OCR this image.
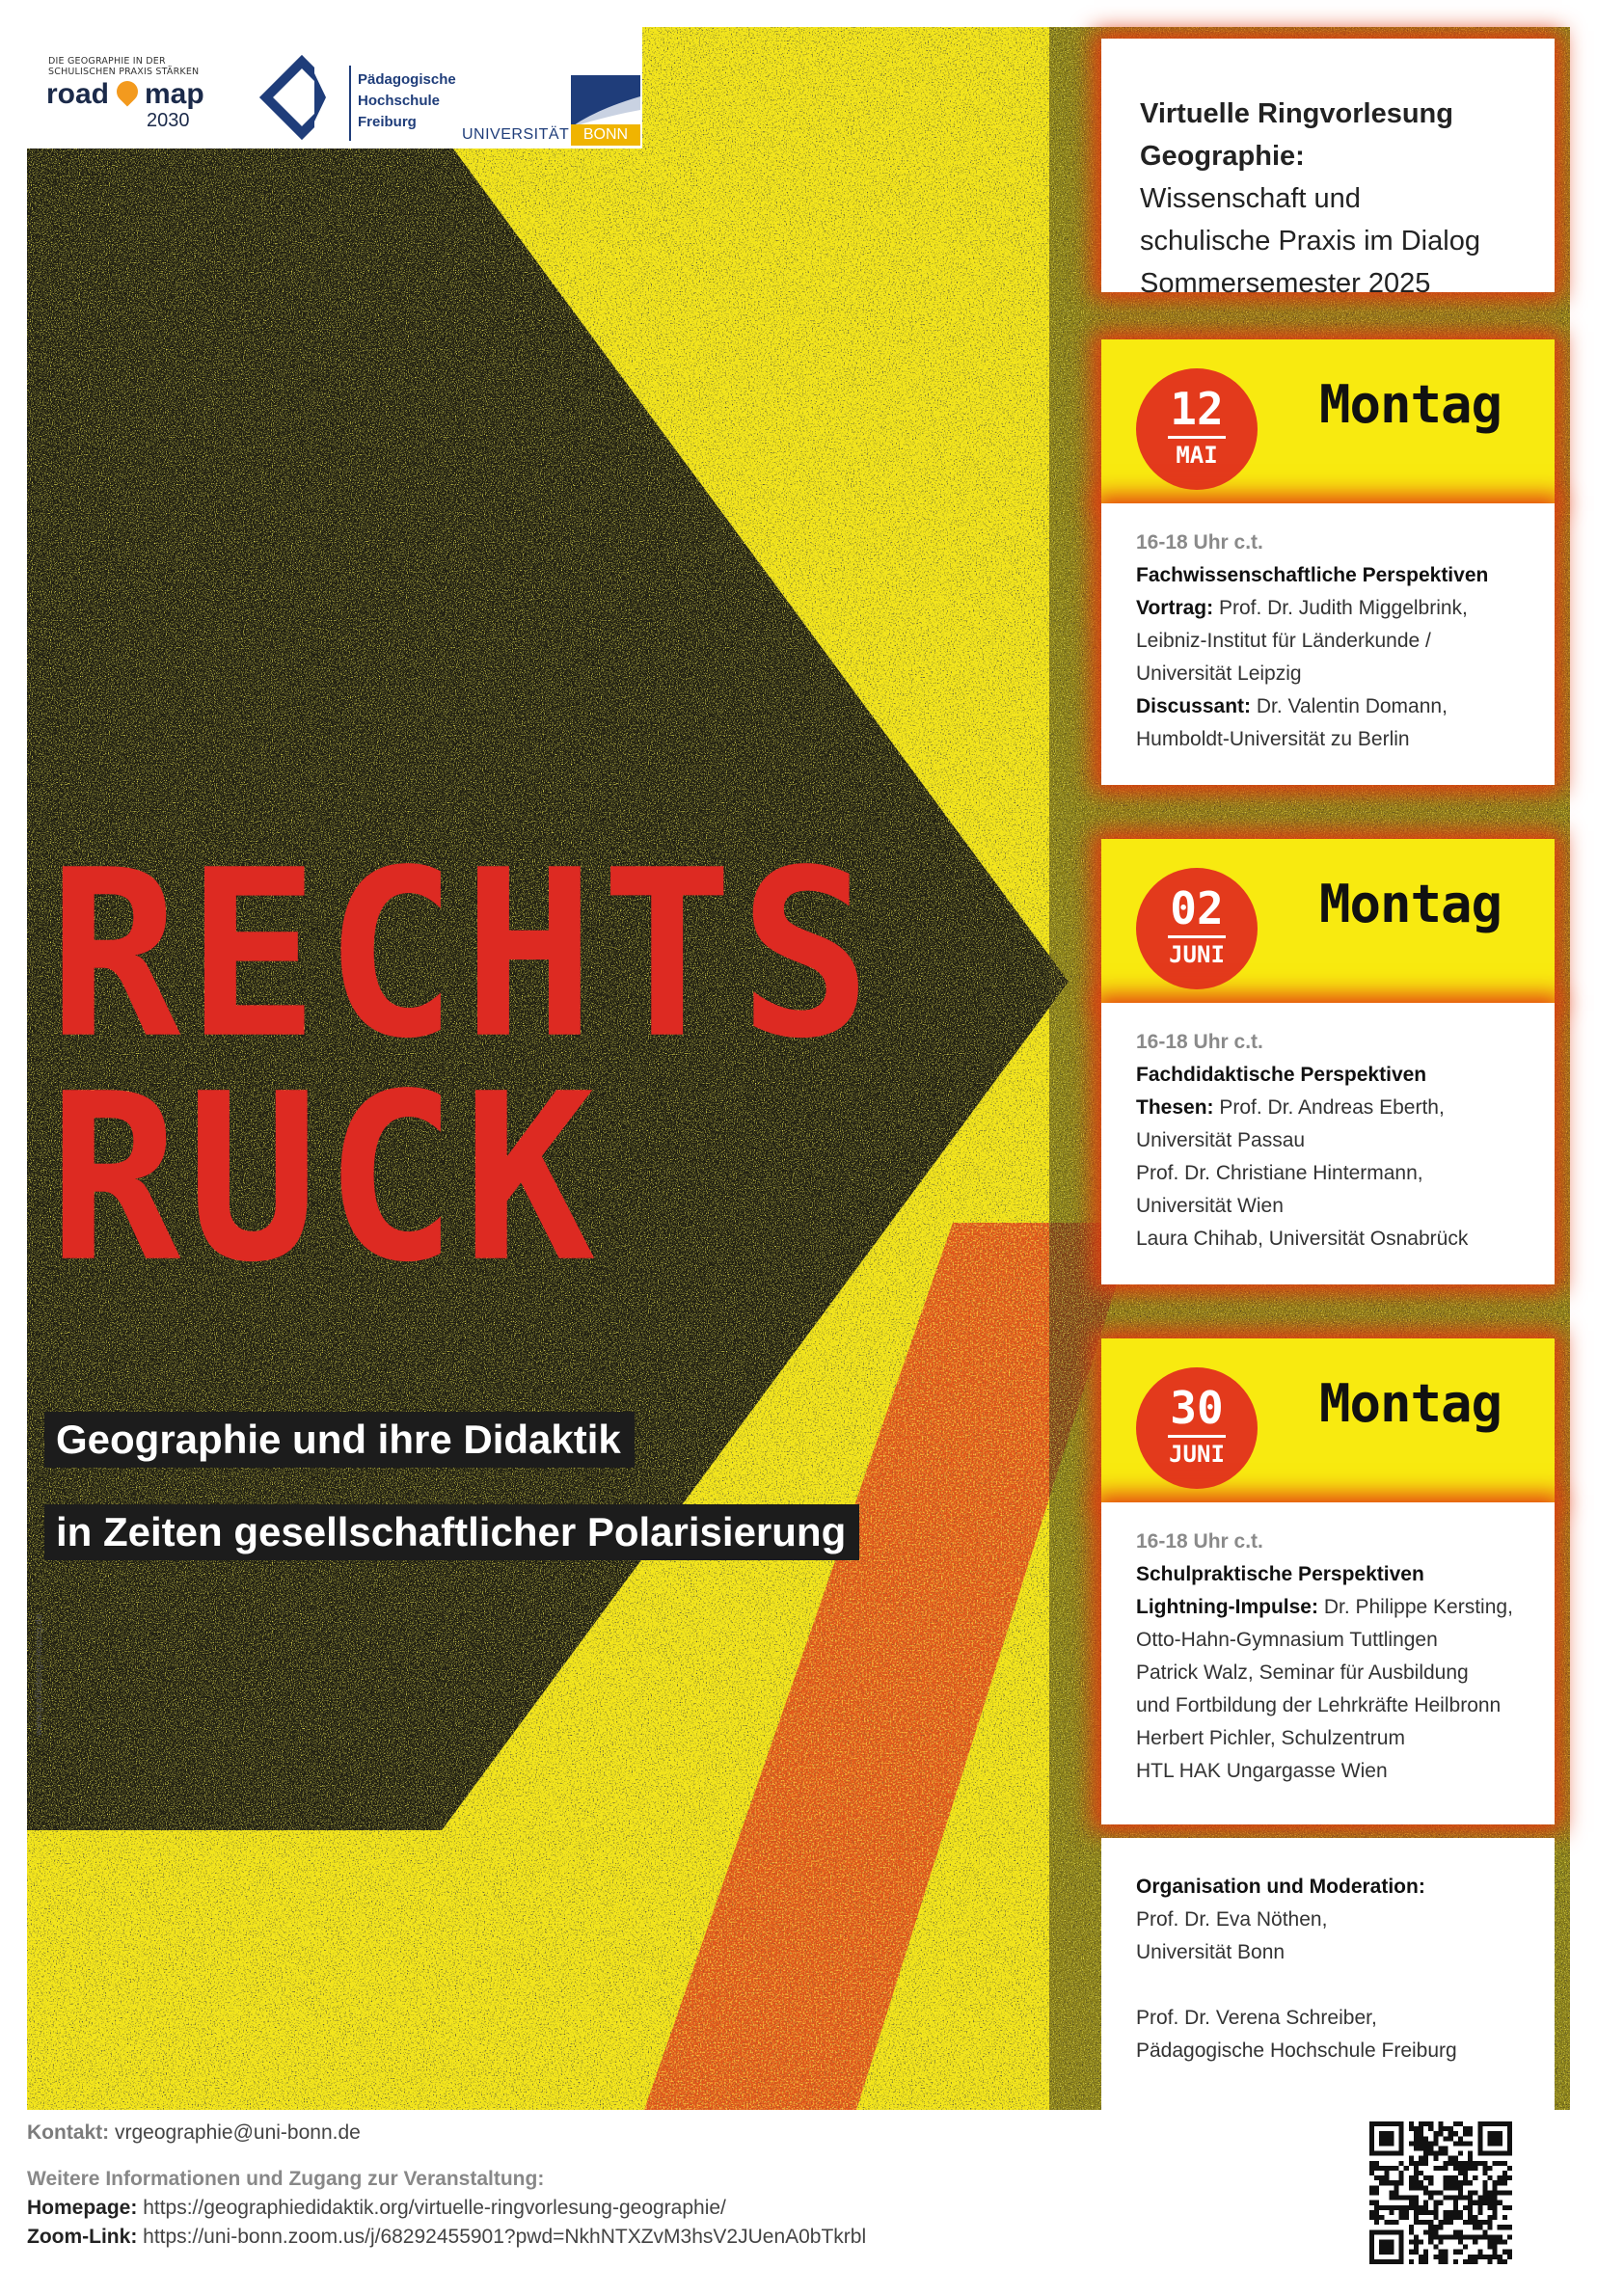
DIE GEOGRAPHIE IN DER
SCHULISCHEN PRAXIS STÄRKEN
road map
2030
Pädagogische
Hochschule
Freiburg
UNIVERSITÄT BONN
Virtuelle Ringvorlesung
Geographie:
Wissenschaft und
schulische Praxis im Dialog
Sommersemester 2025
12
MAI
Montag
16-18 Uhr c.t.
Fachwissenschaftliche Perspektiven
Vortrag: Prof. Dr. Judith Miggelbrink,
Leibniz-Institut für Länderkunde /
Universität Leipzig
Discussant: Dr. Valentin Domann,
Humboldt-Universität zu Berlin
02
JUNI
Montag
16-18 Uhr c.t.
Fachdidaktische Perspektiven
Thesen: Prof. Dr. Andreas Eberth,
Universität Passau
Prof. Dr. Christiane Hintermann,
Universität Wien
Laura Chihab, Universität Osnabrück
30
JUNI
Montag
16-18 Uhr c.t.
Schulpraktische Perspektiven
Lightning-Impulse: Dr. Philippe Kersting,
Otto-Hahn-Gymnasium Tuttlingen
Patrick Walz, Seminar für Ausbildung
und Fortbildung der Lehrkräfte Heilbronn
Herbert Pichler, Schulzentrum
HTL HAK Ungargasse Wien
Organisation und Moderation:
Prof. Dr. Eva Nöthen,
Universität Bonn
Prof. Dr. Verena Schreiber,
Pädagogische Hochschule Freiburg
RECHTS
RUCK
Geographie und ihre Didaktik
in Zeiten gesellschaftlicher Polarisierung
www.grafikdesign-leipzig.de
Kontakt: vrgeographie@uni-bonn.de
Weitere Informationen und Zugang zur Veranstaltung:
Homepage: https://geographiedidaktik.org/virtuelle-ringvorlesung-geographie/
Zoom-Link: https://uni-bonn.zoom.us/j/68292455901?pwd=NkhNTXZvM3hsV2JUenA0bTkrbl
